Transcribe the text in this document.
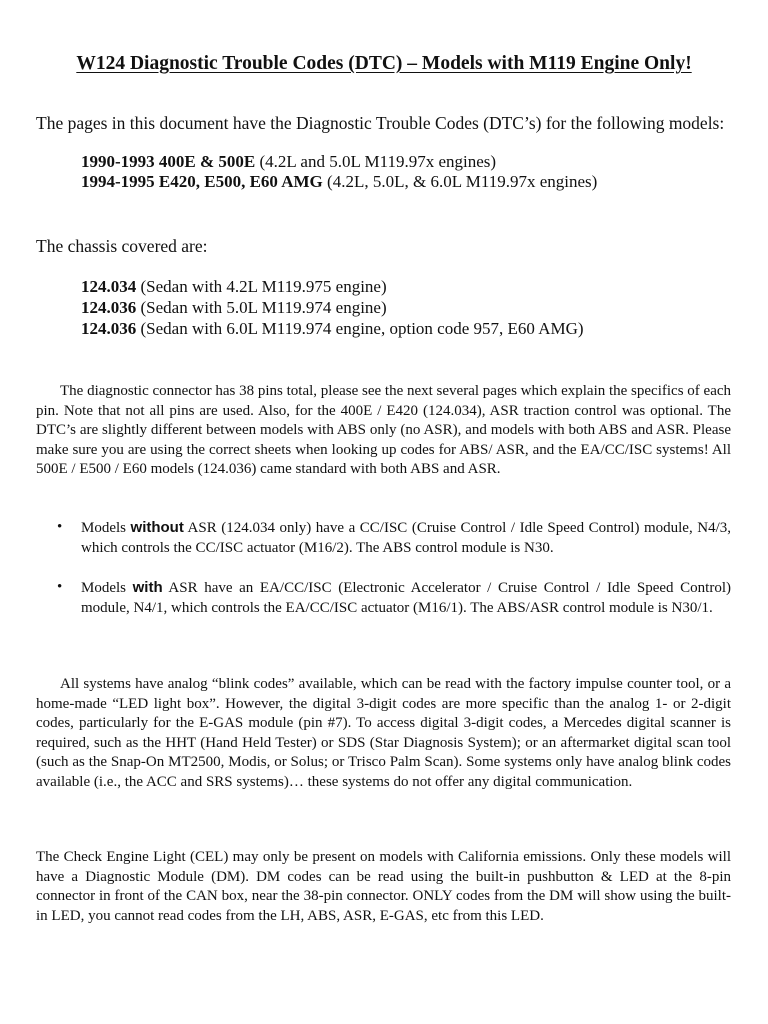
W124 Diagnostic Trouble Codes (DTC) – Models with M119 Engine Only!
The pages in this document have the Diagnostic Trouble Codes (DTC’s) for the following models:
1990-1993 400E & 500E (4.2L and 5.0L M119.97x engines)
1994-1995 E420, E500, E60 AMG (4.2L, 5.0L, & 6.0L M119.97x engines)
The chassis covered are:
124.034 (Sedan with 4.2L M119.975 engine)
124.036 (Sedan with 5.0L M119.974 engine)
124.036 (Sedan with 6.0L M119.974 engine, option code 957, E60 AMG)

The diagnostic connector has 38 pins total, please see the next several pages which explain the specifics of each pin. Note that not all pins are used. Also, for the 400E / E420 (124.034), ASR traction control was optional. The DTC’s are slightly different between models with ABS only (no ASR), and models with both ABS and ASR. Please make sure you are using the correct sheets when looking up codes for ABS/ ASR, and the EA/CC/ISC systems! All 500E / E500 / E60 models (124.036) came standard with both ABS and ASR.

• Models without ASR (124.034 only) have a CC/ISC (Cruise Control / Idle Speed Control) module, N4/3, which controls the CC/ISC actuator (M16/2). The ABS control module is N30.
• Models with ASR have an EA/CC/ISC (Electronic Accelerator / Cruise Control / Idle Speed Control) module, N4/1, which controls the EA/CC/ISC actuator (M16/1). The ABS/ASR control module is N30/1.

All systems have analog “blink codes” available, which can be read with the factory impulse counter tool, or a home-made “LED light box”. However, the digital 3-digit codes are more specific than the analog 1- or 2-digit codes, particularly for the E-GAS module (pin #7). To access digital 3-digit codes, a Mercedes digital scanner is required, such as the HHT (Hand Held Tester) or SDS (Star Diagnosis System); or an aftermarket digital scan tool (such as the Snap-On MT2500, Modis, or Solus; or Trisco Palm Scan). Some systems only have analog blink codes available (i.e., the ACC and SRS systems)… these systems do not offer any digital communication.

The Check Engine Light (CEL) may only be present on models with California emissions. Only these models will have a Diagnostic Module (DM). DM codes can be read using the built-in pushbutton & LED at the 8-pin connector in front of the CAN box, near the 38-pin connector. ONLY codes from the DM will show using the built-in LED, you cannot read codes from the LH, ABS, ASR, E-GAS, etc from this LED.
